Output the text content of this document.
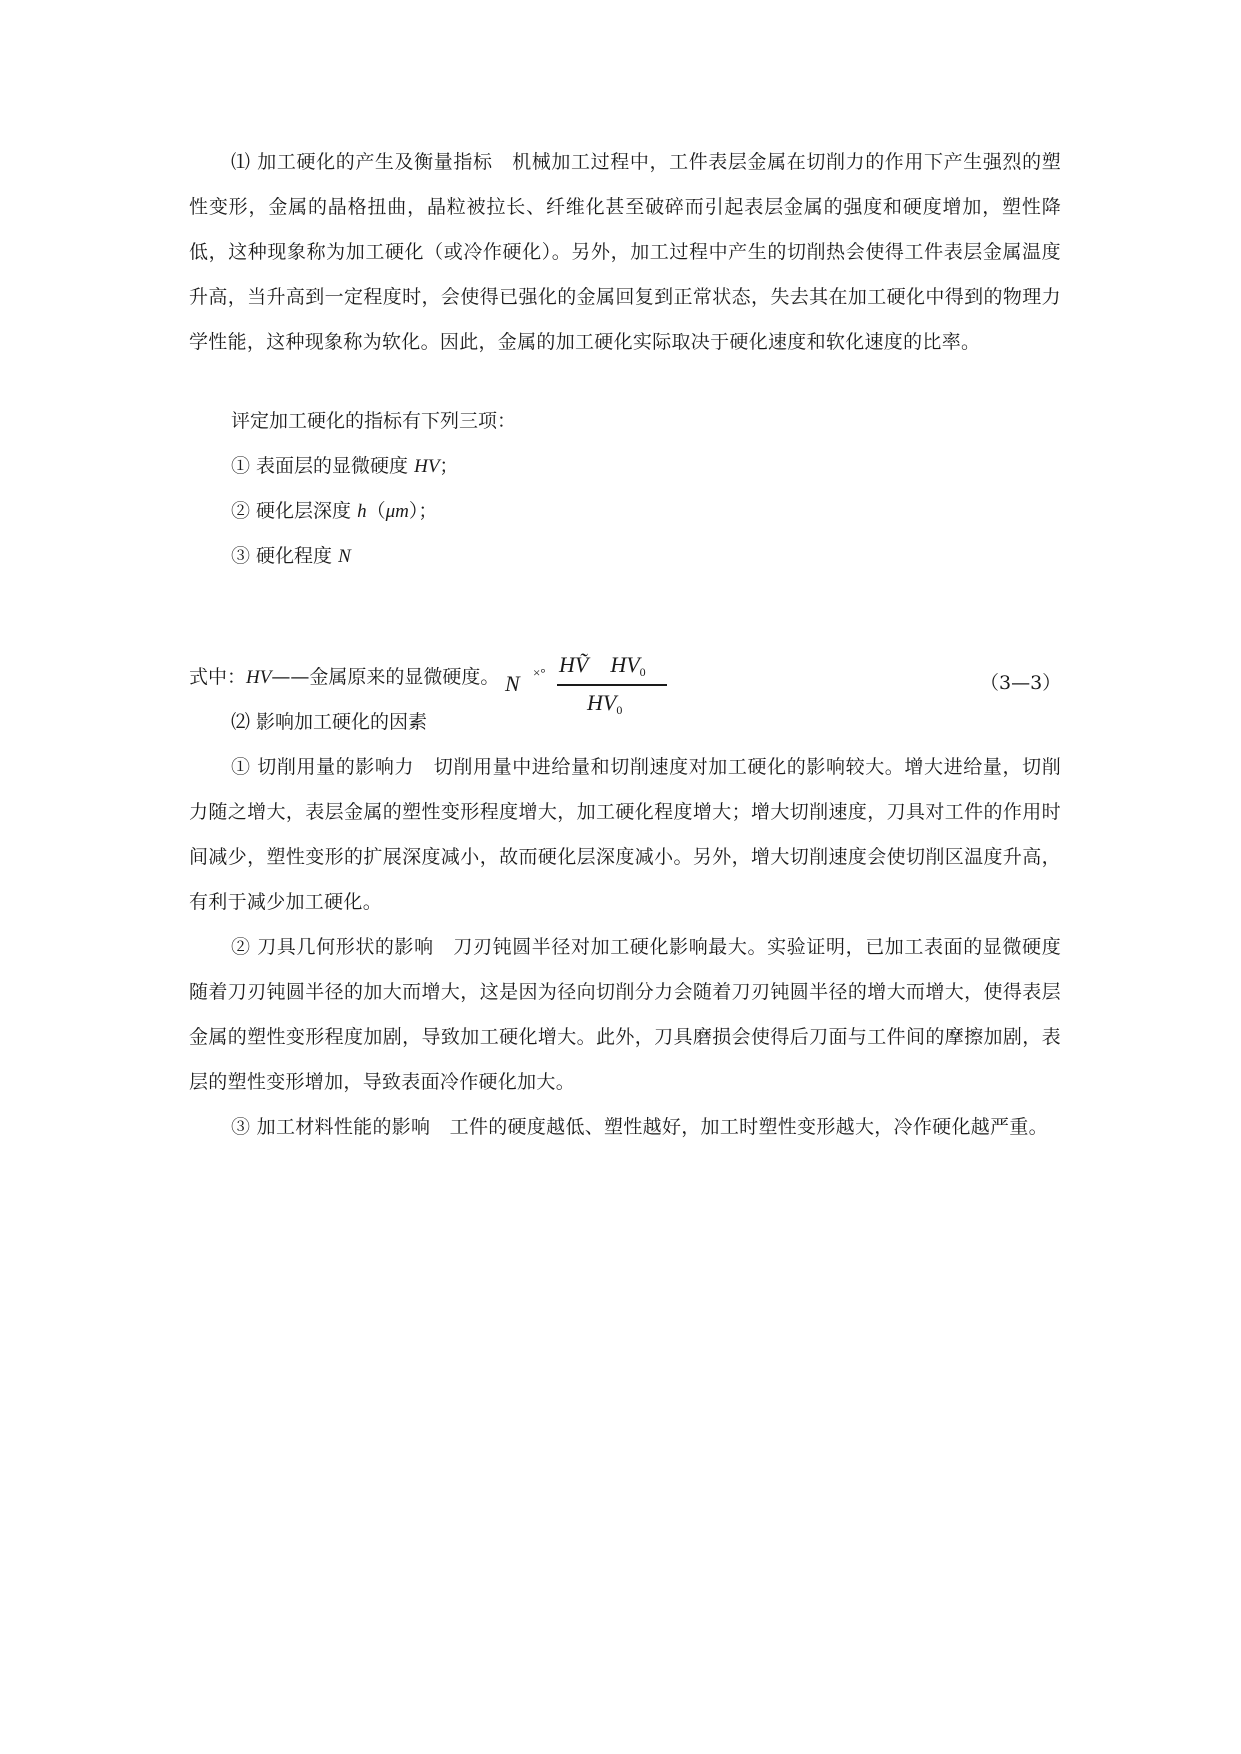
⑴ 加工硬化的产生及衡量指标　机械加工过程中，工件表层金属在切削力的作用下产生强烈的塑性变形，金属的晶格扭曲，晶粒被拉长、纤维化甚至破碎而引起表层金属的强度和硬度增加，塑性降低，这种现象称为加工硬化（或冷作硬化）。另外，加工过程中产生的切削热会使得工件表层金属温度升高，当升高到一定程度时，会使得已强化的金属回复到正常状态，失去其在加工硬化中得到的物理力学性能，这种现象称为软化。因此，金属的加工硬化实际取决于硬化速度和软化速度的比率。

评定加工硬化的指标有下列三项：
① 表面层的显微硬度 HV；
② 硬化层深度 h（μm）；
③ 硬化程度 N
N ×° HṼ　$HV_0$
$HV_0$
（3—3）
式中：HV——金属原来的显微硬度。
⑵ 影响加工硬化的因素

① 切削用量的影响力　切削用量中进给量和切削速度对加工硬化的影响较大。增大进给量，切削力随之增大，表层金属的塑性变形程度增大，加工硬化程度增大；增大切削速度，刀具对工件的作用时间减少，塑性变形的扩展深度减小，故而硬化层深度减小。另外，增大切削速度会使切削区温度升高，有利于减少加工硬化。

② 刀具几何形状的影响　刀刃钝圆半径对加工硬化影响最大。实验证明，已加工表面的显微硬度随着刀刃钝圆半径的加大而增大，这是因为径向切削分力会随着刀刃钝圆半径的增大而增大，使得表层金属的塑性变形程度加剧，导致加工硬化增大。此外，刀具磨损会使得后刀面与工件间的摩擦加剧，表层的塑性变形增加，导致表面冷作硬化加大。

③ 加工材料性能的影响　工件的硬度越低、塑性越好，加工时塑性变形越大，冷作硬化越严重。
